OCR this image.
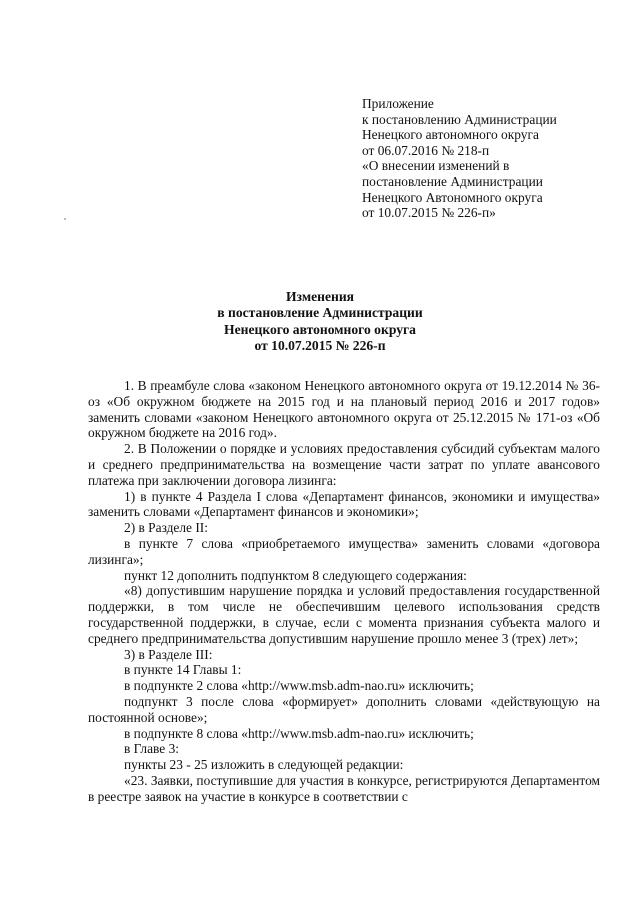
Приложение
к постановлению Администрации
Ненецкого автономного округа
от 06.07.2016 № 218-п
«О внесении изменений в
постановление Администрации
Ненецкого Автономного округа
от 10.07.2015 № 226-п»
Изменения
в постановление Администрации
Ненецкого автономного округа
от 10.07.2015 № 226-п

1. В преамбуле слова «законом Ненецкого автономного округа от 19.12.2014 № 36-оз «Об окружном бюджете на 2015 год и на плановый период 2016 и 2017 годов» заменить словами «законом Ненецкого автономного округа от 25.12.2015 № 171-оз «Об окружном бюджете на 2016 год».

2. В Положении о порядке и условиях предоставления субсидий субъектам малого и среднего предпринимательства на возмещение части затрат по уплате авансового платежа при заключении договора лизинга:

1) в пункте 4 Раздела I слова «Департамент финансов, экономики и имущества» заменить словами «Департамент финансов и экономики»;

2) в Разделе II:

в пункте 7 слова «приобретаемого имущества» заменить словами «договора лизинга»;

пункт 12 дополнить подпунктом 8 следующего содержания:

«8) допустившим нарушение порядка и условий предоставления государственной поддержки, в том числе не обеспечившим целевого использования средств государственной поддержки, в случае, если с момента признания субъекта малого и среднего предпринимательства допустившим нарушение прошло менее 3 (трех) лет»;

3) в Разделе III:

в пункте 14 Главы 1:

в подпункте 2 слова «http://www.msb.adm-nao.ru» исключить;

подпункт 3 после слова «формирует» дополнить словами «действующую на постоянной основе»;

в подпункте 8 слова «http://www.msb.adm-nao.ru» исключить;

в Главе 3:

пункты 23 - 25 изложить в следующей редакции:

«23. Заявки, поступившие для участия в конкурсе, регистрируются Департаментом в реестре заявок на участие в конкурсе в соответствии с
